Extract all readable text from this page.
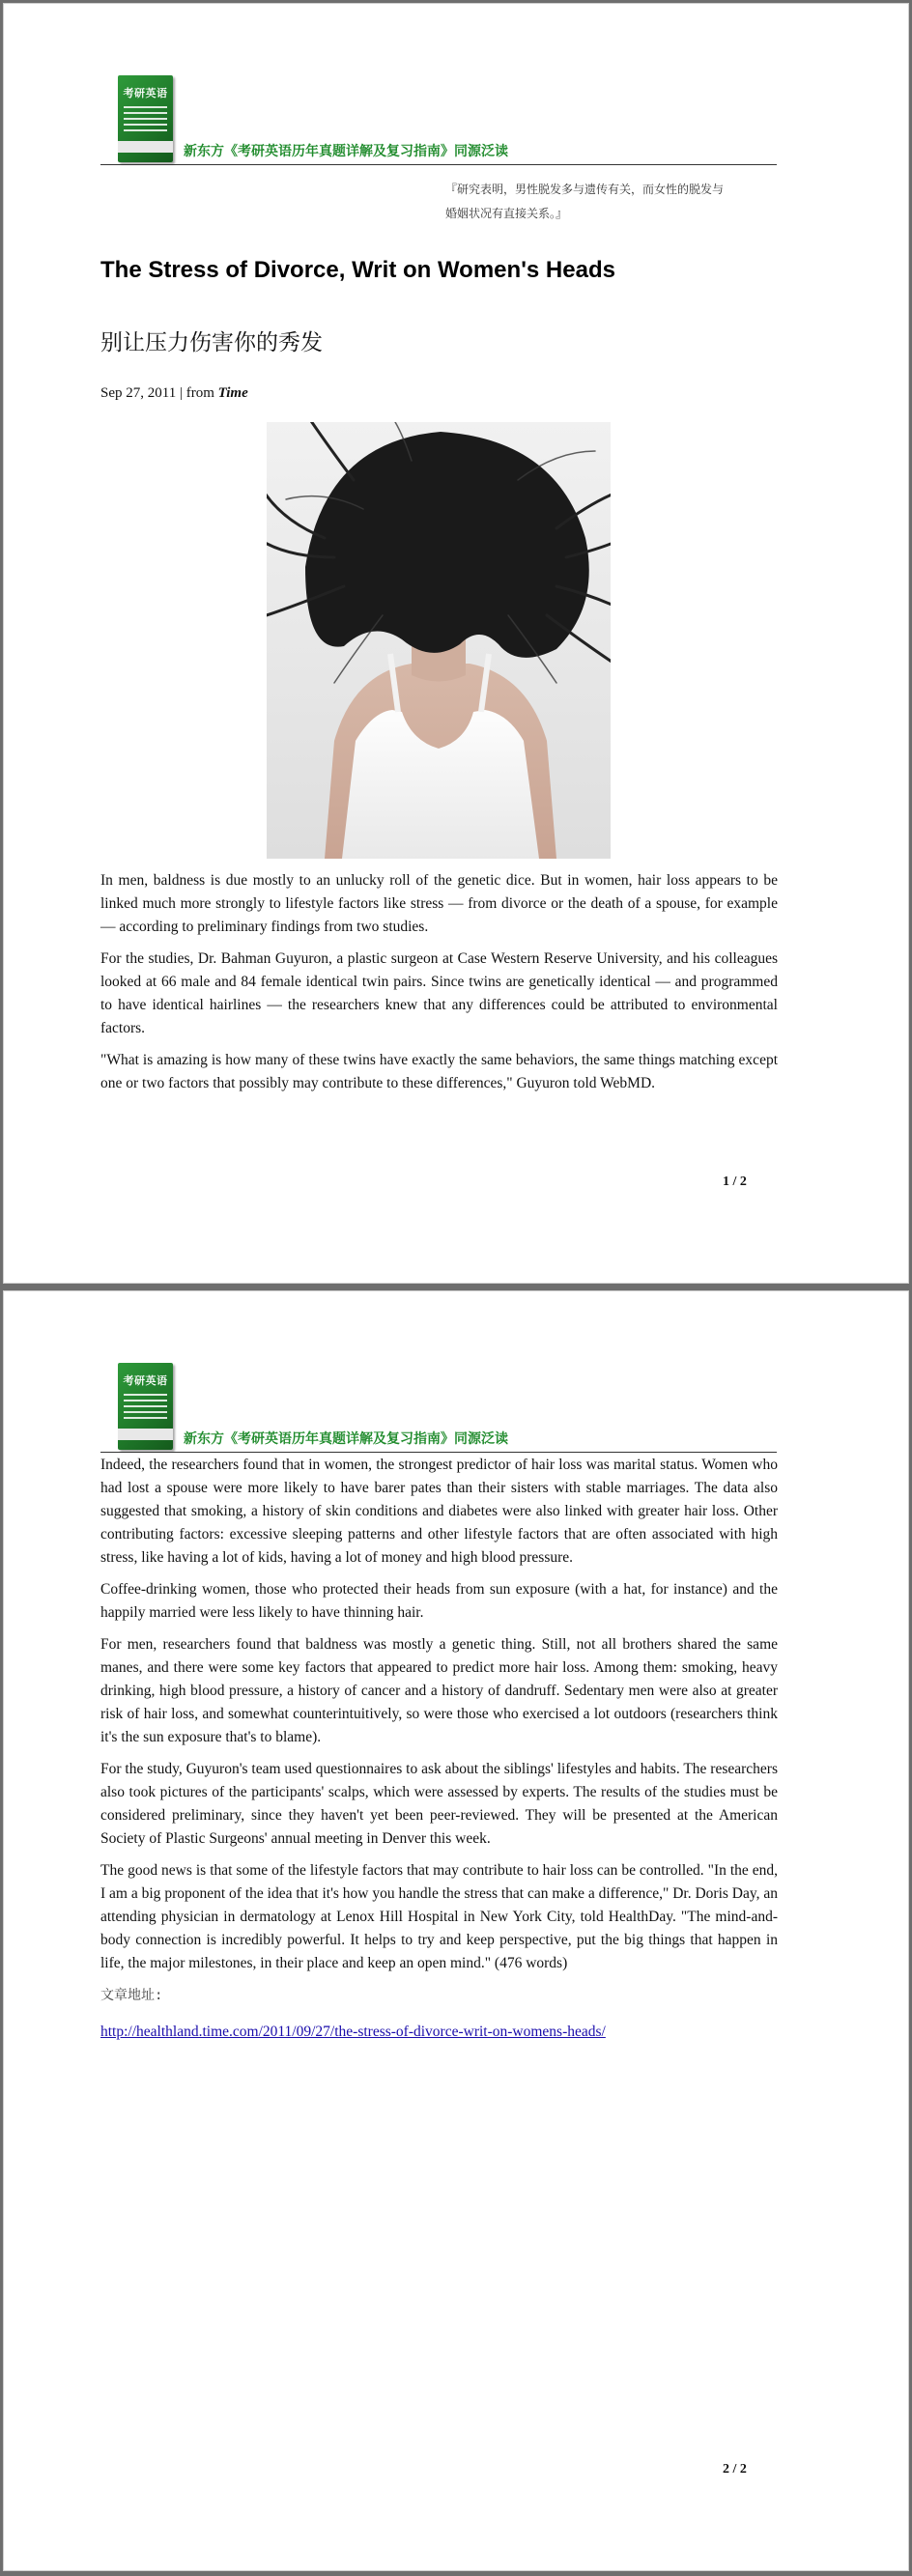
考研英语
新东方《考研英语历年真题详解及复习指南》同源泛读
『研究表明，男性脱发多与遗传有关，而女性的脱发与
婚姻状况有直接关系。』
The Stress of Divorce, Writ on Women's Heads
别让压力伤害你的秀发
Sep 27, 2011 | from Time

In men, baldness is due mostly to an unlucky roll of the genetic dice. But in women, hair loss appears to be linked much more strongly to lifestyle factors like stress — from divorce or the death of a spouse, for example — according to preliminary findings from two studies.

For the studies, Dr. Bahman Guyuron, a plastic surgeon at Case Western Reserve University, and his colleagues looked at 66 male and 84 female identical twin pairs. Since twins are genetically identical — and programmed to have identical hairlines — the researchers knew that any differences could be attributed to environmental factors.

"What is amazing is how many of these twins have exactly the same behaviors, the same things matching except one or two factors that possibly may contribute to these differences," Guyuron told WebMD.

1 / 2
考研英语
新东方《考研英语历年真题详解及复习指南》同源泛读

Indeed, the researchers found that in women, the strongest predictor of hair loss was marital status. Women who had lost a spouse were more likely to have barer pates than their sisters with stable marriages. The data also suggested that smoking, a history of skin conditions and diabetes were also linked with greater hair loss. Other contributing factors: excessive sleeping patterns and other lifestyle factors that are often associated with high stress, like having a lot of kids, having a lot of money and high blood pressure.

Coffee-drinking women, those who protected their heads from sun exposure (with a hat, for instance) and the happily married were less likely to have thinning hair.

For men, researchers found that baldness was mostly a genetic thing. Still, not all brothers shared the same manes, and there were some key factors that appeared to predict more hair loss. Among them: smoking, heavy drinking, high blood pressure, a history of cancer and a history of dandruff. Sedentary men were also at greater risk of hair loss, and somewhat counterintuitively, so were those who exercised a lot outdoors (researchers think it's the sun exposure that's to blame).

For the study, Guyuron's team used questionnaires to ask about the siblings' lifestyles and habits. The researchers also took pictures of the participants' scalps, which were assessed by experts. The results of the studies must be considered preliminary, since they haven't yet been peer-reviewed. They will be presented at the American Society of Plastic Surgeons' annual meeting in Denver this week.

The good news is that some of the lifestyle factors that may contribute to hair loss can be controlled. "In the end, I am a big proponent of the idea that it's how you handle the stress that can make a difference," Dr. Doris Day, an attending physician in dermatology at Lenox Hill Hospital in New York City, told HealthDay. "The mind-and-body connection is incredibly powerful. It helps to try and keep perspective, put the big things that happen in life, the major milestones, in their place and keep an open mind." (476 words)

文章地址:
http://healthland.time.com/2011/09/27/the-stress-of-divorce-writ-on-womens-heads/
2 / 2
